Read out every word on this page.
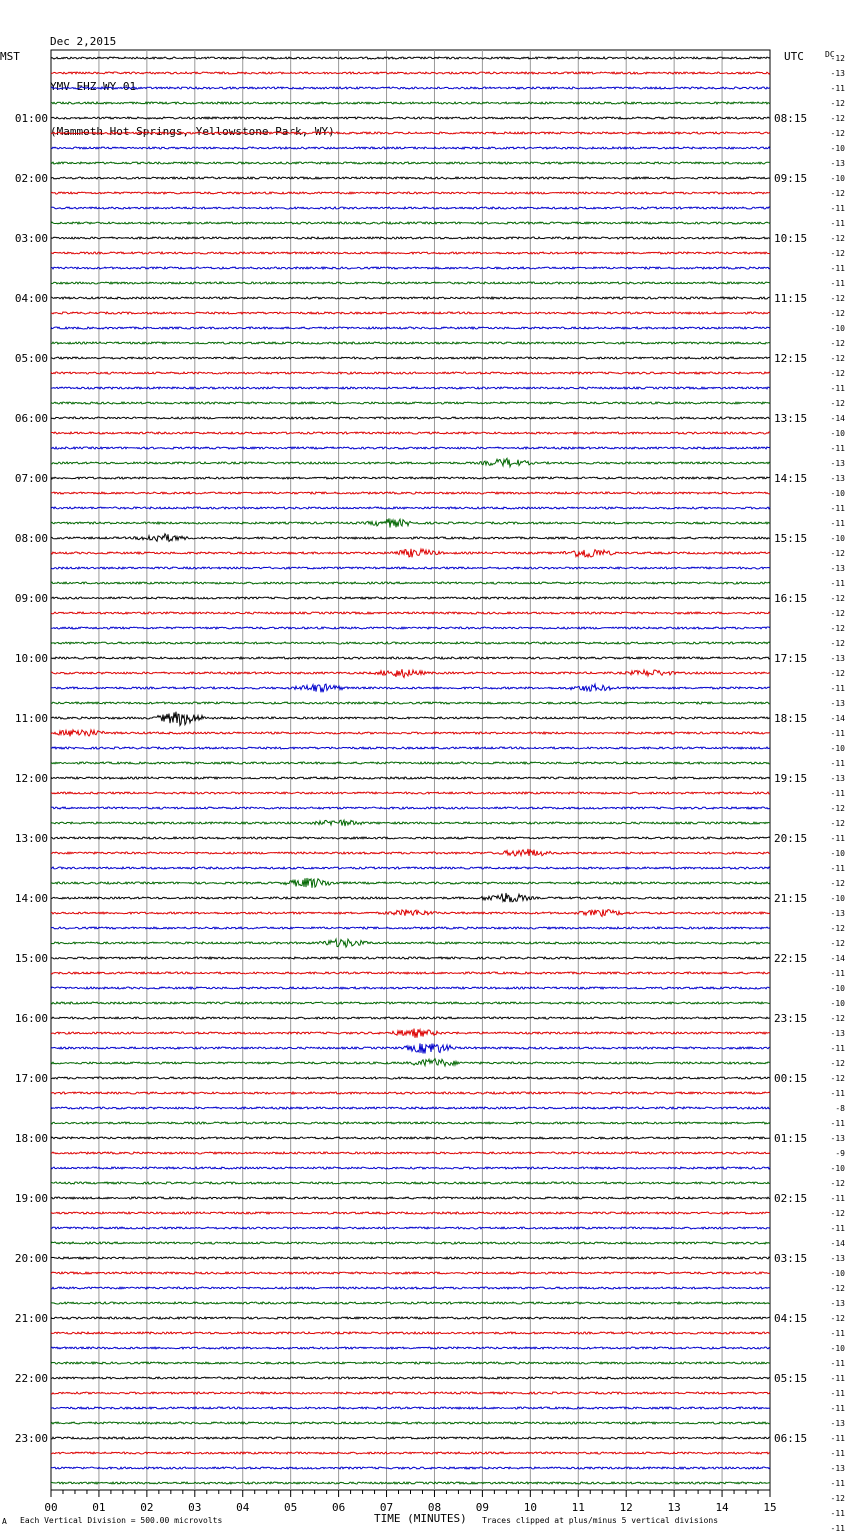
Dec 2,2015

YMV EHZ WY 01

(Mammoth Hot Springs, Yellowstone Park, WY)

00	01	02	03	04	05	06	07	08	09	10	11	12	13	14	15
01:00
02:00
03:00
04:00
05:00
06:00
07:00
08:00
09:00
10:00
11:00
12:00
13:00
14:00
15:00
16:00
17:00
18:00
19:00
20:00
21:00
22:00
23:00
08:15
09:15
10:15
11:15
12:15
13:15
14:15
15:15
16:15
17:15
18:15
19:15
20:15
21:15
22:15
23:15
00:15
01:15
02:15
03:15
04:15
05:15
06:15
-12
-13
-11
-12
-12
-12
-10
-13
-10
-12
-11
-11
-12
-12
-11
-11
-12
-12
-10
-12
-12
-12
-11
-12
-14
-10
-11
-13
-13
-10
-11
-11
-10
-12
-13
-11
-12
-12
-12
-12
-13
-12
-11
-13
-14
-11
-10
-11
-13
-11
-12
-12
-11
-10
-11
-12
-10
-13
-12
-12
-14
-11
-10
-10
-12
-13
-11
-12
-12
-11
-8
-11
-13
-9
-10
-12
-11
-12
-11
-14
-13
-10
-12
-13
-12
-11
-10
-11
-11
-11
-11
-13
-11
-11
-13
-11
-12
-11
-11
MST	UTC	DC
TIME (MINUTES)
A Each Vertical Division = 500.00 microvolts	Traces clipped at plus/minus 5 vertical divisions
